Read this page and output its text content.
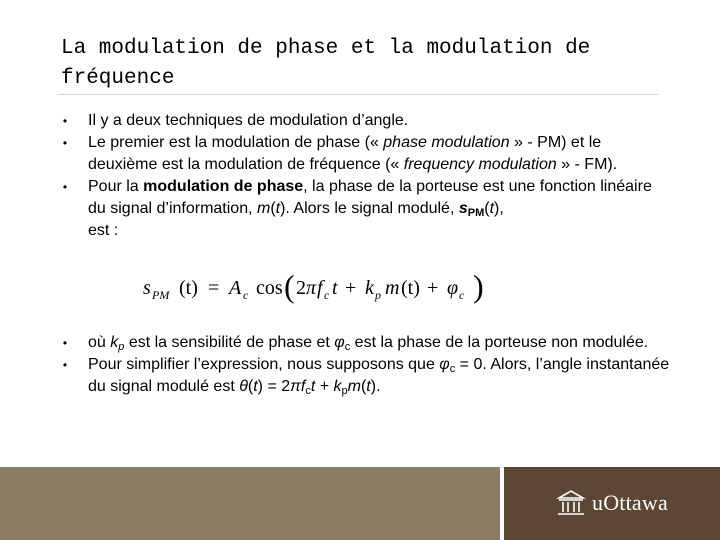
La modulation de phase et la modulation de fréquence
• Il y a deux techniques de modulation d’angle.
• Le premier est la modulation de phase (« phase modulation » - PM) et le deuxième est la modulation de fréquence (« frequency modulation » - FM).
• Pour la modulation de phase, la phase de la porteuse est une fonction linéaire du signal d’information, m(t). Alors le signal modulé, $s_{PM}(t)$,
est :
s PM (t) = A c cos ( 2 π f c t + k p m (t) + φ c )
• où $k_p$ est la sensibilité de phase et $\varphi_c$ est la phase de la porteuse non modulée.
• Pour simplifier l’expression, nous supposons que $\varphi_c = 0$. Alors, l’angle instantanée du signal modulé est $\theta(t) = 2\pi f_ct + k_pm(t)$.
uOttawa
